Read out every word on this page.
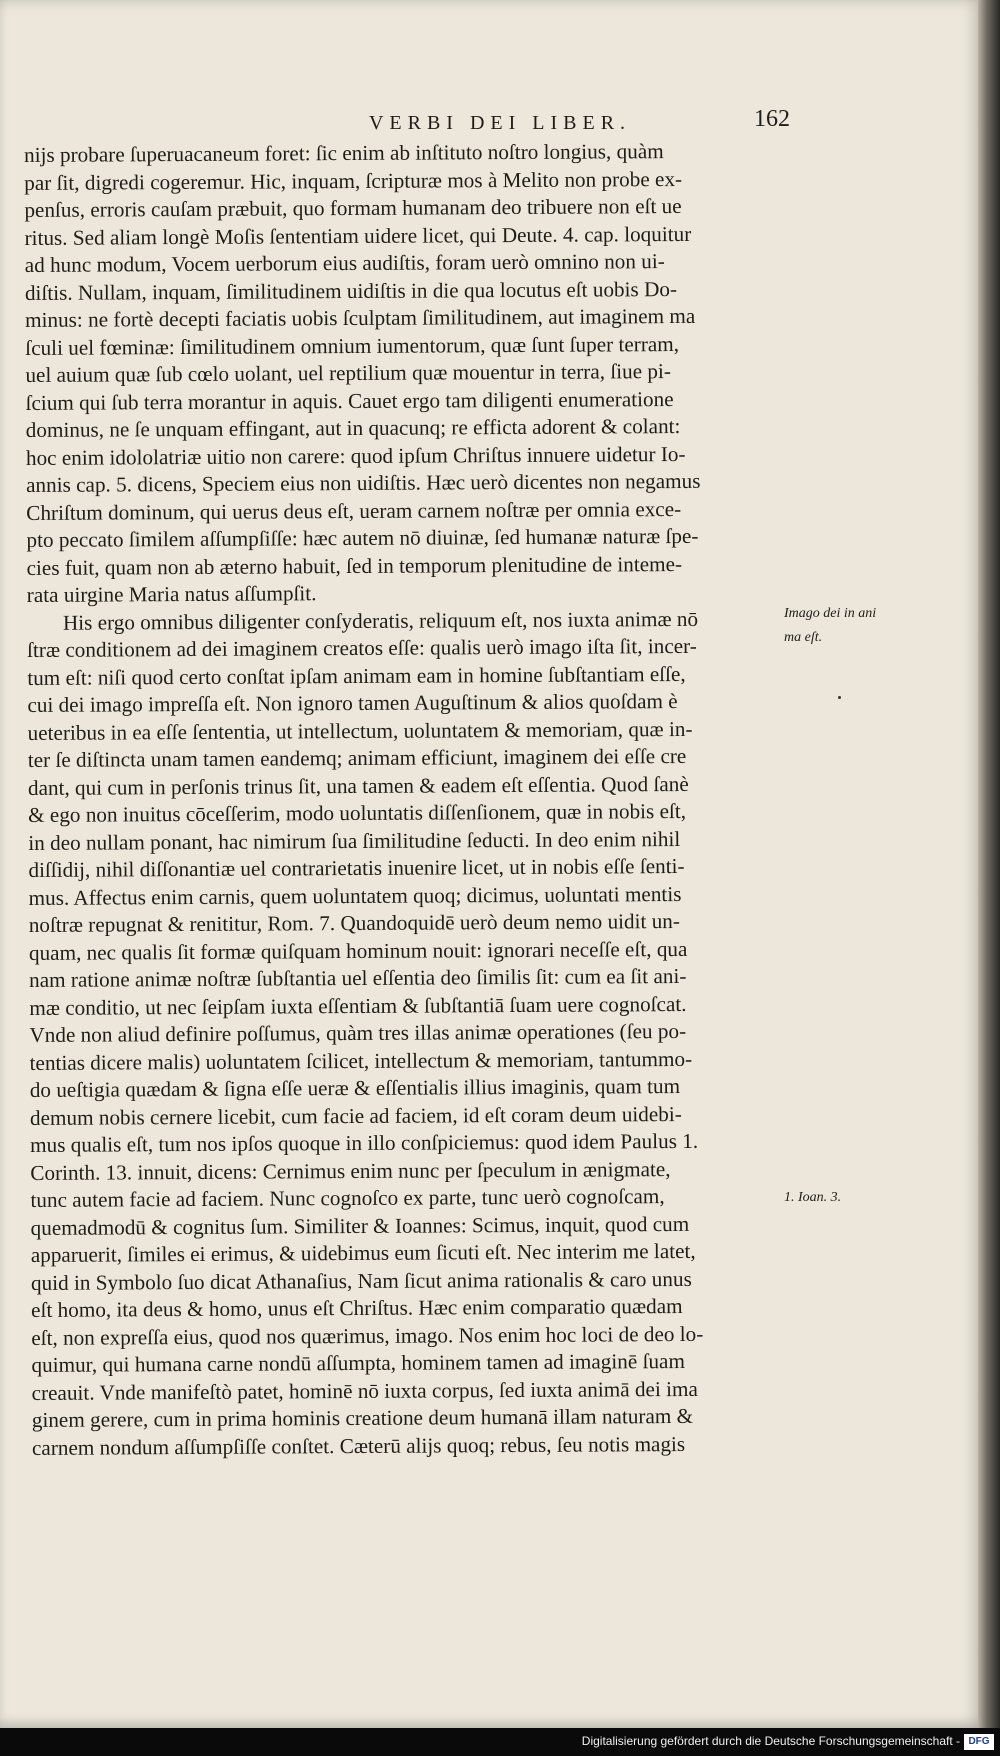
VERBI DEI LIBER.	162
nijs probare ſuperuacaneum foret: ſic enim ab inſtituto noſtro longius, quàm
par ſit, digredi cogeremur. Hic, inquam, ſcripturæ mos à Melito non probe ex-
penſus, erroris cauſam præbuit, quo formam humanam deo tribuere non eſt ue
ritus. Sed aliam longè Moſis ſententiam uidere licet, qui Deute. 4. cap. loquitur
ad hunc modum, Vocem uerborum eius audiſtis, foram uerò omnino non ui-
diſtis. Nullam, inquam, ſimilitudinem uidiſtis in die qua locutus eſt uobis Do-
minus: ne fortè decepti faciatis uobis ſculptam ſimilitudinem, aut imaginem ma
ſculi uel fœminæ: ſimilitudinem omnium iumentorum, quæ ſunt ſuper terram,
uel auium quæ ſub cœlo uolant, uel reptilium quæ mouentur in terra, ſiue pi-
ſcium qui ſub terra morantur in aquis. Cauet ergo tam diligenti enumeratione
dominus, ne ſe unquam effingant, aut in quacunq; re efficta adorent & colant:
hoc enim idololatriæ uitio non carere: quod ipſum Chriſtus innuere uidetur Io-
annis cap. 5. dicens, Speciem eius non uidiſtis. Hæc uerò dicentes non negamus
Chriſtum dominum, qui uerus deus eſt, ueram carnem noſtræ per omnia exce-
pto peccato ſimilem aſſumpſiſſe: hæc autem nō diuinæ, ſed humanæ naturæ ſpe-
cies fuit, quam non ab æterno habuit, ſed in temporum plenitudine de inteme-
rata uirgine Maria natus aſſumpſit.
His ergo omnibus diligenter conſyderatis, reliquum eſt, nos iuxta animæ nō
ſtræ conditionem ad dei imaginem creatos eſſe: qualis uerò imago iſta ſit, incer-
tum eſt: niſi quod certo conſtat ipſam animam eam in homine ſubſtantiam eſſe,
cui dei imago impreſſa eſt. Non ignoro tamen Auguſtinum & alios quoſdam è
ueteribus in ea eſſe ſententia, ut intellectum, uoluntatem & memoriam, quæ in-
ter ſe diſtincta unam tamen eandemq; animam efficiunt, imaginem dei eſſe cre
dant, qui cum in perſonis trinus ſit, una tamen & eadem eſt eſſentia. Quod ſanè
& ego non inuitus cōceſſerim, modo uoluntatis diſſenſionem, quæ in nobis eſt,
in deo nullam ponant, hac nimirum ſua ſimilitudine ſeducti. In deo enim nihil
diſſidij, nihil diſſonantiæ uel contrarietatis inuenire licet, ut in nobis eſſe ſenti-
mus. Affectus enim carnis, quem uoluntatem quoq; dicimus, uoluntati mentis
noſtræ repugnat & renititur, Rom. 7. Quandoquidē uerò deum nemo uidit un-
quam, nec qualis ſit formæ quiſquam hominum nouit: ignorari neceſſe eſt, qua
nam ratione animæ noſtræ ſubſtantia uel eſſentia deo ſimilis ſit: cum ea ſit ani-
mæ conditio, ut nec ſeipſam iuxta eſſentiam & ſubſtantiā ſuam uere cognoſcat.
Vnde non aliud definire poſſumus, quàm tres illas animæ operationes (ſeu po-
tentias dicere malis) uoluntatem ſcilicet, intellectum & memoriam, tantummo-
do ueſtigia quædam & ſigna eſſe ueræ & eſſentialis illius imaginis, quam tum
demum nobis cernere licebit, cum facie ad faciem, id eſt coram deum uidebi-
mus qualis eſt, tum nos ipſos quoque in illo conſpiciemus: quod idem Paulus 1.
Corinth. 13. innuit, dicens: Cernimus enim nunc per ſpeculum in ænigmate,
tunc autem facie ad faciem. Nunc cognoſco ex parte, tunc uerò cognoſcam,
quemadmodū & cognitus ſum. Similiter & Ioannes: Scimus, inquit, quod cum
apparuerit, ſimiles ei erimus, & uidebimus eum ſicuti eſt. Nec interim me latet,
quid in Symbolo ſuo dicat Athanaſius, Nam ſicut anima rationalis & caro unus
eſt homo, ita deus & homo, unus eſt Chriſtus. Hæc enim comparatio quædam
eſt, non expreſſa eius, quod nos quærimus, imago. Nos enim hoc loci de deo lo-
quimur, qui humana carne nondū aſſumpta, hominem tamen ad imaginē ſuam
creauit. Vnde manifeſtò patet, hominē nō iuxta corpus, ſed iuxta animā dei ima
ginem gerere, cum in prima hominis creatione deum humanā illam naturam &
carnem nondum aſſumpſiſſe conſtet. Cæterū alijs quoq; rebus, ſeu notis magis
Imago dei in ani
ma eſt.
1. Ioan. 3.
Digitalisierung gefördert durch die Deutsche Forschungsgemeinschaft - DFG
